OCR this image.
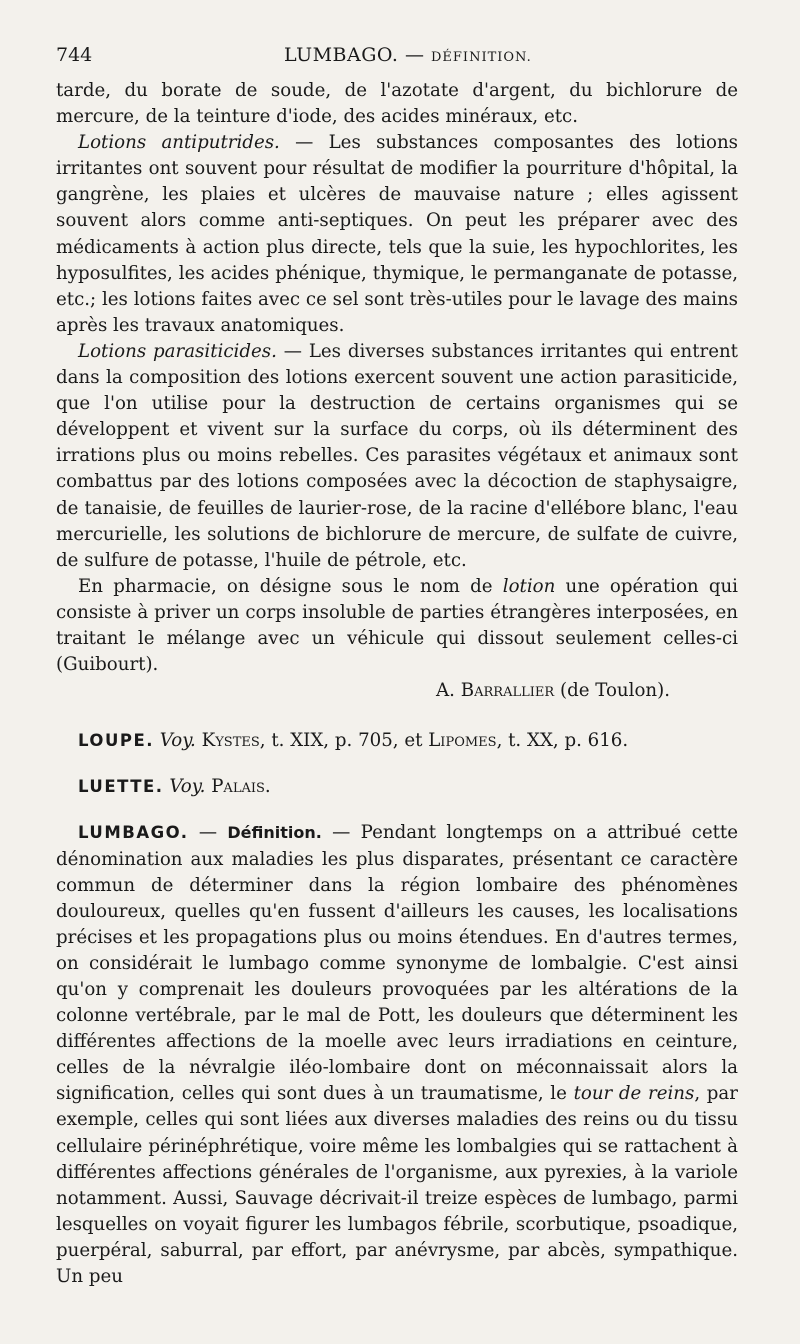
744	LUMBAGO. — DÉFINITION.

tarde, du borate de soude, de l'azotate d'argent, du bichlorure de mercure, de la teinture d'iode, des acides minéraux, etc.

Lotions antiputrides. — Les substances composantes des lotions irritantes ont souvent pour résultat de modifier la pourriture d'hôpital, la gangrène, les plaies et ulcères de mauvaise nature ; elles agissent souvent alors comme anti-septiques. On peut les préparer avec des médicaments à action plus directe, tels que la suie, les hypochlorites, les hyposulfites, les acides phénique, thymique, le permanganate de potasse, etc.; les lotions faites avec ce sel sont très-utiles pour le lavage des mains après les travaux anatomiques.

Lotions parasiticides. — Les diverses substances irritantes qui entrent dans la composition des lotions exercent souvent une action parasiticide, que l'on utilise pour la destruction de certains organismes qui se développent et vivent sur la surface du corps, où ils déterminent des irrations plus ou moins rebelles. Ces parasites végétaux et animaux sont combattus par des lotions composées avec la décoction de staphysaigre, de tanaisie, de feuilles de laurier-rose, de la racine d'ellébore blanc, l'eau mercurielle, les solutions de bichlorure de mercure, de sulfate de cuivre, de sulfure de potasse, l'huile de pétrole, etc.

En pharmacie, on désigne sous le nom de lotion une opération qui consiste à priver un corps insoluble de parties étrangères interposées, en traitant le mélange avec un véhicule qui dissout seulement celles-ci (Guibourt).

A. Barrallier (de Toulon).

LOUPE. Voy. Kystes, t. XIX, p. 705, et Lipomes, t. XX, p. 616.

LUETTE. Voy. Palais.

LUMBAGO. — Définition. — Pendant longtemps on a attribué cette dénomination aux maladies les plus disparates, présentant ce caractère commun de déterminer dans la région lombaire des phénomènes douloureux, quelles qu'en fussent d'ailleurs les causes, les localisations précises et les propagations plus ou moins étendues. En d'autres termes, on considérait le lumbago comme synonyme de lombalgie. C'est ainsi qu'on y comprenait les douleurs provoquées par les altérations de la colonne vertébrale, par le mal de Pott, les douleurs que déterminent les différentes affections de la moelle avec leurs irradiations en ceinture, celles de la névralgie iléo-lombaire dont on méconnaissait alors la signification, celles qui sont dues à un traumatisme, le tour de reins, par exemple, celles qui sont liées aux diverses maladies des reins ou du tissu cellulaire périnéphrétique, voire même les lombalgies qui se rattachent à différentes affections générales de l'organisme, aux pyrexies, à la variole notamment. Aussi, Sauvage décrivait-il treize espèces de lumbago, parmi lesquelles on voyait figurer les lumbagos fébrile, scorbutique, psoadique, puerpéral, saburral, par effort, par anévrysme, par abcès, sympathique. Un peu
